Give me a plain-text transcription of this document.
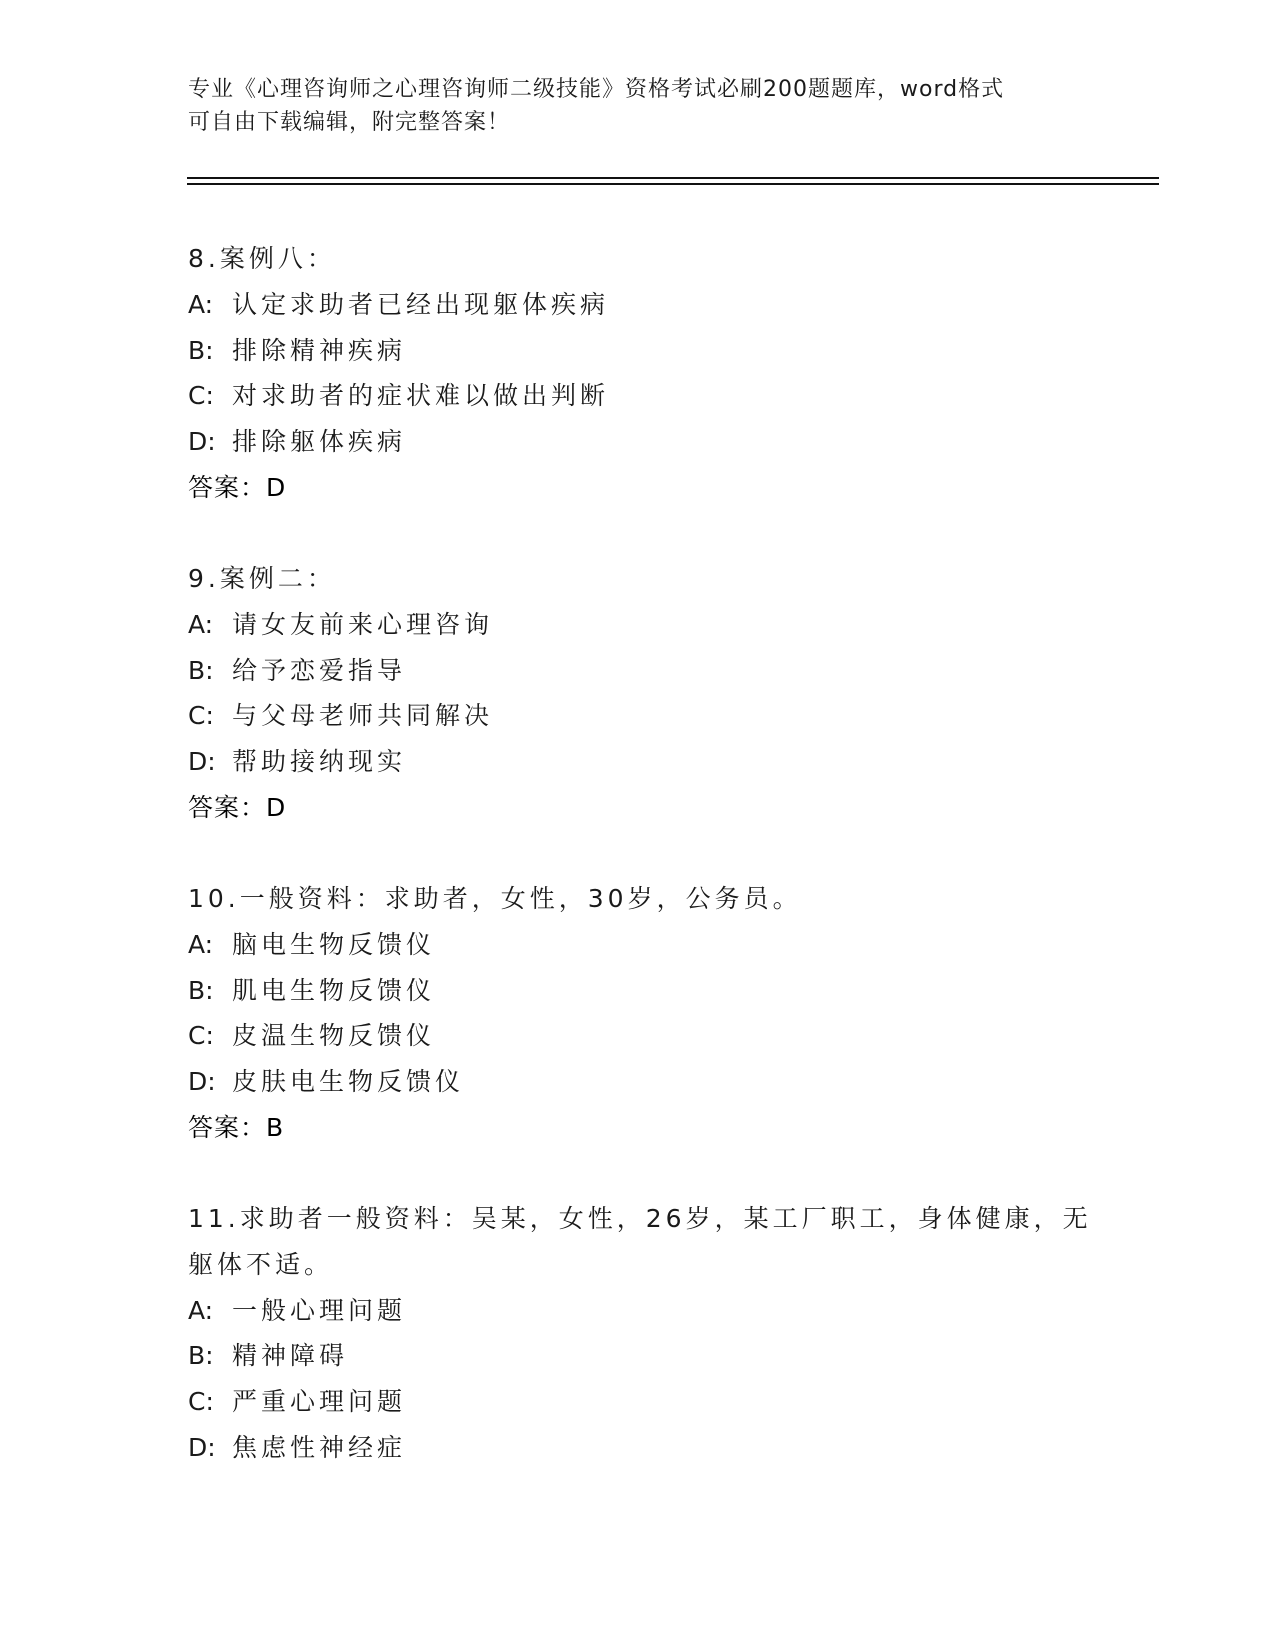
专业《心理咨询师之心理咨询师二级技能》资格考试必刷200题题库，word格式
可自由下载编辑，附完整答案！
8.案例八：
A: 认定求助者已经出现躯体疾病
B: 排除精神疾病
C: 对求助者的症状难以做出判断
D: 排除躯体疾病
答案：D
9.案例二：
A: 请女友前来心理咨询
B: 给予恋爱指导
C: 与父母老师共同解决
D: 帮助接纳现实
答案：D
10.一般资料：求助者，女性，30岁，公务员。
A: 脑电生物反馈仪
B: 肌电生物反馈仪
C: 皮温生物反馈仪
D: 皮肤电生物反馈仪
答案：B
11.求助者一般资料：吴某，女性，26岁，某工厂职工，身体健康，无
躯体不适。
A: 一般心理问题
B: 精神障碍
C: 严重心理问题
D: 焦虑性神经症
